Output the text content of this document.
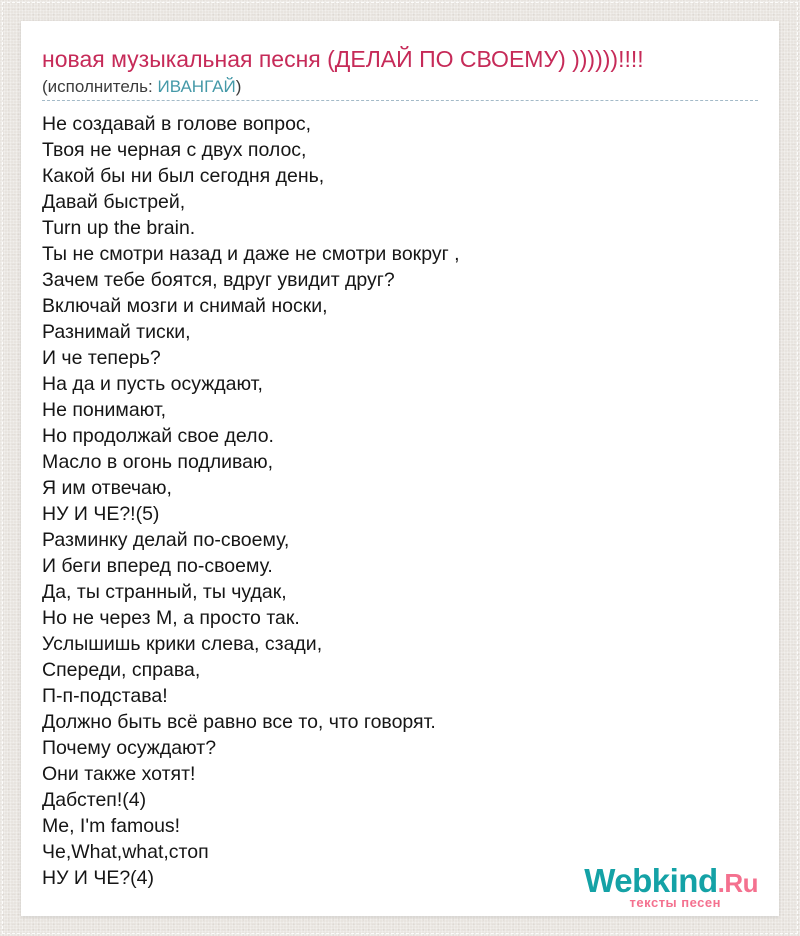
новая музыкальная песня (ДЕЛАЙ ПО СВОЕМУ) ))))))!!!!
(исполнитель: ИВАНГАЙ)
Не создавай в голове вопрос,
Твоя не черная с двух полос,
Какой бы ни был сегодня день,
Давай быстрей,
Turn up the brain.
Ты не смотри назад и даже не смотри вокруг ,
Зачем тебе боятся, вдруг увидит друг?
Включай мозги и снимай носки,
Разнимай тиски,
И че теперь?
На да и пусть осуждают,
Не понимают,
Но продолжай свое дело.
Масло в огонь подливаю,
Я им отвечаю,
НУ И ЧЕ?!(5)
Разминку делай по-своему,
И беги вперед по-своему.
Да, ты странный, ты чудак,
Но не через М, а просто так.
Услышишь крики слева, сзади,
Спереди, справа,
П-п-подстава!
Должно быть всё равно все то, что говорят.
Почему осуждают?
Они также хотят!
Дабстеп!(4)
Me, I'm famous!
Че,What,what,стоп
НУ И ЧЕ?(4)	Webkind.Ru
тексты песен
